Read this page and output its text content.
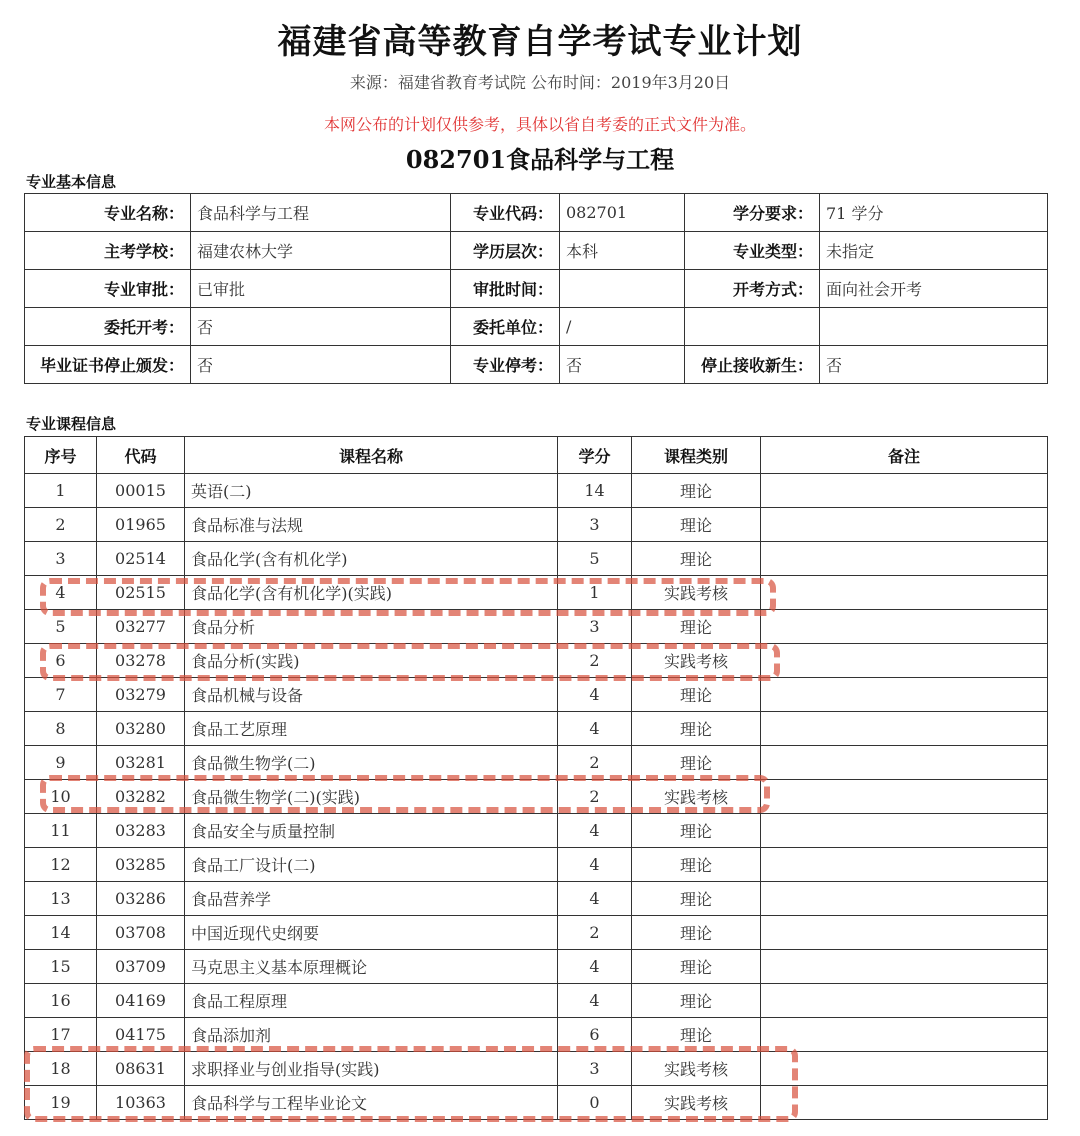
福建省高等教育自学考试专业计划
来源：福建省教育考试院 公布时间：2019年3月20日
本网公布的计划仅供参考，具体以省自考委的正式文件为准。
082701食品科学与工程
专业基本信息
专业名称：	食品科学与工程	专业代码：	082701	学分要求：	71 学分
主考学校：	福建农林大学	学历层次：	本科	专业类型：	未指定
专业审批：	已审批	审批时间：		开考方式：	面向社会开考
委托开考：	否	委托单位：	/		
毕业证书停止颁发：	否	专业停考：	否	停止接收新生：	否
专业课程信息
序号	代码	课程名称	学分	课程类别	备注
1	00015	英语(二)	14	理论	
2	01965	食品标准与法规	3	理论	
3	02514	食品化学(含有机化学)	5	理论	
4	02515	食品化学(含有机化学)(实践)	1	实践考核	
5	03277	食品分析	3	理论	
6	03278	食品分析(实践)	2	实践考核	
7	03279	食品机械与设备	4	理论	
8	03280	食品工艺原理	4	理论	
9	03281	食品微生物学(二)	2	理论	
10	03282	食品微生物学(二)(实践)	2	实践考核	
11	03283	食品安全与质量控制	4	理论	
12	03285	食品工厂设计(二)	4	理论	
13	03286	食品营养学	4	理论	
14	03708	中国近现代史纲要	2	理论	
15	03709	马克思主义基本原理概论	4	理论	
16	04169	食品工程原理	4	理论	
17	04175	食品添加剂	6	理论	
18	08631	求职择业与创业指导(实践)	3	实践考核	
19	10363	食品科学与工程毕业论文	0	实践考核	
